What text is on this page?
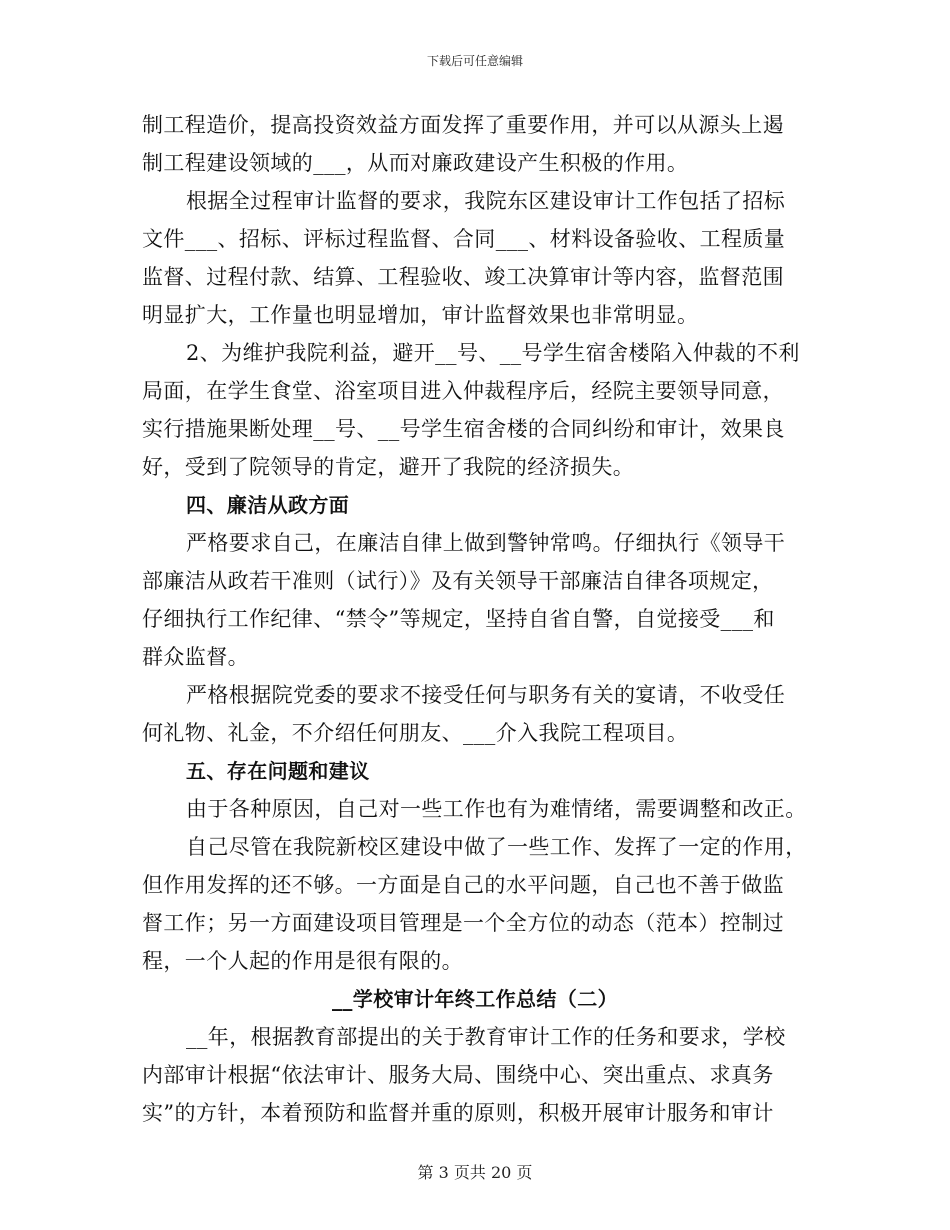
下载后可任意编辑
制工程造价，提高投资效益方面发挥了重要作用，并可以从源头上遏
制工程建设领域的___，从而对廉政建设产生积极的作用。
根据全过程审计监督的要求，我院东区建设审计工作包括了招标
文件___、招标、评标过程监督、合同___、材料设备验收、工程质量
监督、过程付款、结算、工程验收、竣工决算审计等内容，监督范围
明显扩大，工作量也明显增加，审计监督效果也非常明显。
2、为维护我院利益，避开__号、__号学生宿舍楼陷入仲裁的不利
局面，在学生食堂、浴室项目进入仲裁程序后，经院主要领导同意，
实行措施果断处理__号、__号学生宿舍楼的合同纠纷和审计，效果良
好，受到了院领导的肯定，避开了我院的经济损失。
四、廉洁从政方面
严格要求自己，在廉洁自律上做到警钟常鸣。仔细执行《领导干
部廉洁从政若干准则（试行）》及有关领导干部廉洁自律各项规定，
仔细执行工作纪律、“禁令”等规定，坚持自省自警，自觉接受___和
群众监督。
严格根据院党委的要求不接受任何与职务有关的宴请，不收受任
何礼物、礼金，不介绍任何朋友、___介入我院工程项目。
五、存在问题和建议
由于各种原因，自己对一些工作也有为难情绪，需要调整和改正。
自己尽管在我院新校区建设中做了一些工作、发挥了一定的作用，
但作用发挥的还不够。一方面是自己的水平问题，自己也不善于做监
督工作；另一方面建设项目管理是一个全方位的动态（范本）控制过
程，一个人起的作用是很有限的。
__学校审计年终工作总结（二）
__年，根据教育部提出的关于教育审计工作的任务和要求，学校
内部审计根据“依法审计、服务大局、围绕中心、突出重点、求真务
实”的方针，本着预防和监督并重的原则，积极开展审计服务和审计
第 3 页共 20 页
